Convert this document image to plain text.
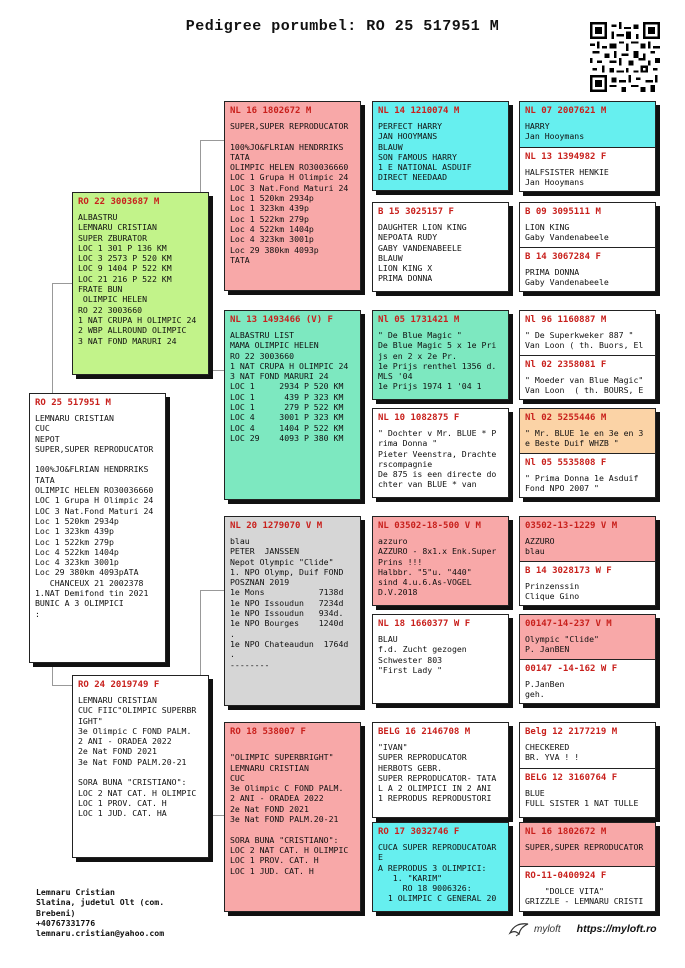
Pedigree porumbel: RO 25 517951 M
RO 25 517951 M
LEMNARU CRISTIAN
CUC
NEPOT
SUPER,SUPER REPRODUCATOR

100%JO&FLRIAN HENDRRIKS
TATA
OLIMPIC HELEN RO30036660
LOC 1 Grupa H Olimpic 24
LOC 3 Nat.Fond Maturi 24
Loc 1 520km 2934p
Loc 1 323km 439p
Loc 1 522km 279p
Loc 4 522km 1404p
Loc 4 323km 3001p
Loc 29 380km 4093pATA
CHANCEUX 21 2002378
1.NAT Demifond tin 2021
BUNIC A 3 OLIMPICI
:
RO 22 3003687 M
ALBASTRU
LEMNARU CRISTIAN
SUPER ZBURATOR
LOC 1 301 P 136 KM
LOC 3 2573 P 520 KM
LOC 9 1404 P 522 KM
LOC 21 216 P 522 KM
FRATE BUN
OLIMPIC HELEN
RO 22 3003660
1 NAT CRUPA H OLIMPIC 24
2 WBP ALLROUND OLIMPIC
3 NAT FOND MARURI 24
RO 24 2019749 F
LEMNARU CRISTIAN
CUC FIIC"OLIMPIC SUPERBR
IGHT"
3e Olimpic C FOND PALM.
2 ANI - ORADEA 2022
2e Nat FOND 2021
3e Nat FOND PALM.20-21

SORA BUNA "CRISTIANO":
LOC 2 NAT CAT. H OLIMPIC
LOC 1 PROV. CAT. H
LOC 1 JUD. CAT. HA
NL 16 1802672 M
SUPER,SUPER REPRODUCATOR

100%JO&FLRIAN HENDRRIKS
TATA
OLIMPIC HELEN RO30036660
LOC 1 Grupa H Olimpic 24
LOC 3 Nat.Fond Maturi 24
Loc 1 520km 2934p
Loc 1 323km 439p
Loc 1 522km 279p
Loc 4 522km 1404p
Loc 4 323km 3001p
Loc 29 380km 4093p
TATA
NL 13 1493466 (V) F
ALBASTRU LIST
MAMA OLIMPIC HELEN
RO 22 3003660
1 NAT CRUPA H OLIMPIC 24
3 NAT FOND MARURI 24
LOC 1     2934 P 520 KM
LOC 1      439 P 323 KM
LOC 1      279 P 522 KM
LOC 4     3001 P 323 KM
LOC 4     1404 P 522 KM
LOC 29    4093 P 380 KM
NL 20 1279070 V M
blau
PETER  JANSSEN
Nepot Olympic "Clide"
1. NPO Olymp, Duif FOND
POSZNAN 2019
1e Mons           7138d
1e NPO Issoudun   7234d
1e NPO Issoudun   934d.
1e NPO Bourges    1240d
.
1e NPO Chateaudun  1764d
.
--------
RO 18 538007 F

"OLIMPIC SUPERBRIGHT"
LEMNARU CRISTIAN
CUC
3e Olimpic C FOND PALM.
2 ANI - ORADEA 2022
2e Nat FOND 2021
3e Nat FOND PALM.20-21

SORA BUNA "CRISTIANO":
LOC 2 NAT CAT. H OLIMPIC
LOC 1 PROV. CAT. H
LOC 1 JUD. CAT. H
NL 14 1210074 M
PERFECT HARRY
JAN HOOYMANS
BLAUW
SON FAMOUS HARRY
1 E NATIONAL ASDUIF
DIRECT NEEDAAD
B 15 3025157 F
DAUGHTER LION KING
NEPOATA RUDY
GABY VANDENABEELE
BLAUW
LION KING X
PRIMA DONNA
Nl 05 1731421 M
" De Blue Magic "
De Blue Magic 5 x 1e Pri
js en 2 x 2e Pr.
1e Prijs renthel 1356 d.
MLS '04
1e Prijs 1974 1 '04 1
NL 10 1082875 F
" Dochter v Mr. BLUE * P
rima Donna "
Pieter Veenstra, Drachte
rscompagnie
De 875 is een directe do
chter van BLUE * van
NL 03502-18-500 V M
azzuro
AZZURO - 8x1.x Enk.Super
Prins !!!
Halbbr. "5"u. "440"
sind 4.u.6.As-VOGEL
D.V.2018
NL 18 1660377 W F
BLAU
f.d. Zucht gezogen
Schwester 803
"First Lady "
BELG 16 2146708 M
"IVAN"
SUPER REPRODUCATOR
HERBOTS GEBR.
SUPER REPRODUCATOR- TATA
L A 2 OLIMPICI IN 2 ANI
1 REPRODUS REPRODUSTORI
RO 17 3032746 F
CUCA SUPER REPRODUCATOAR
E
A REPRODUS 3 OLIMPICI:
1. "KARIM"
RO 18 9006326:
1 OLIMPIC C GENERAL 20
NL 07 2007621 M
HARRY
Jan Hooymans
NL 13 1394982 F
HALFSISTER HENKIE
Jan Hooymans
B 09 3095111 M
LION KING
Gaby Vandenabeele
B 14 3067284 F
PRIMA DONNA
Gaby Vandenabeele
Nl 96 1160887 M
" De Superkweker 887 "
Van Loon ( th. Buors, El
Nl 02 2358081 F
" Moeder van Blue Magic"
Van Loon  ( th. BOURS, E
Nl 02 5255446 M
" Mr. BLUE 1e en 3e en 3
e Beste Duif WHZB "
Nl 05 5535808 F
" Prima Donna 1e Asduif
Fond NPO 2007 "
03502-13-1229 V M
AZZURO
blau
B 14 3028173 W F
Prinzenssin
Clique Gino
00147-14-237 V M
Olympic "Clide"
P. JanBEN
00147 -14-162 W F
P.JanBen
geh.
Belg 12 2177219 M
CHECKERED
BR. YVA ! !
BELG 12 3160764 F
BLUE
FULL SISTER 1 NAT TULLE
NL 16 1802672 M
SUPER,SUPER REPRODUCATOR
RO-11-0400924 F
"DOLCE VITA"
GRIZZLE - LEMNARU CRISTI
Lemnaru Cristian
Slatina, judetul Olt (com.
Brebeni)
+40767331776
lemnaru.cristian@yahoo.com	myloft https://myloft.ro
